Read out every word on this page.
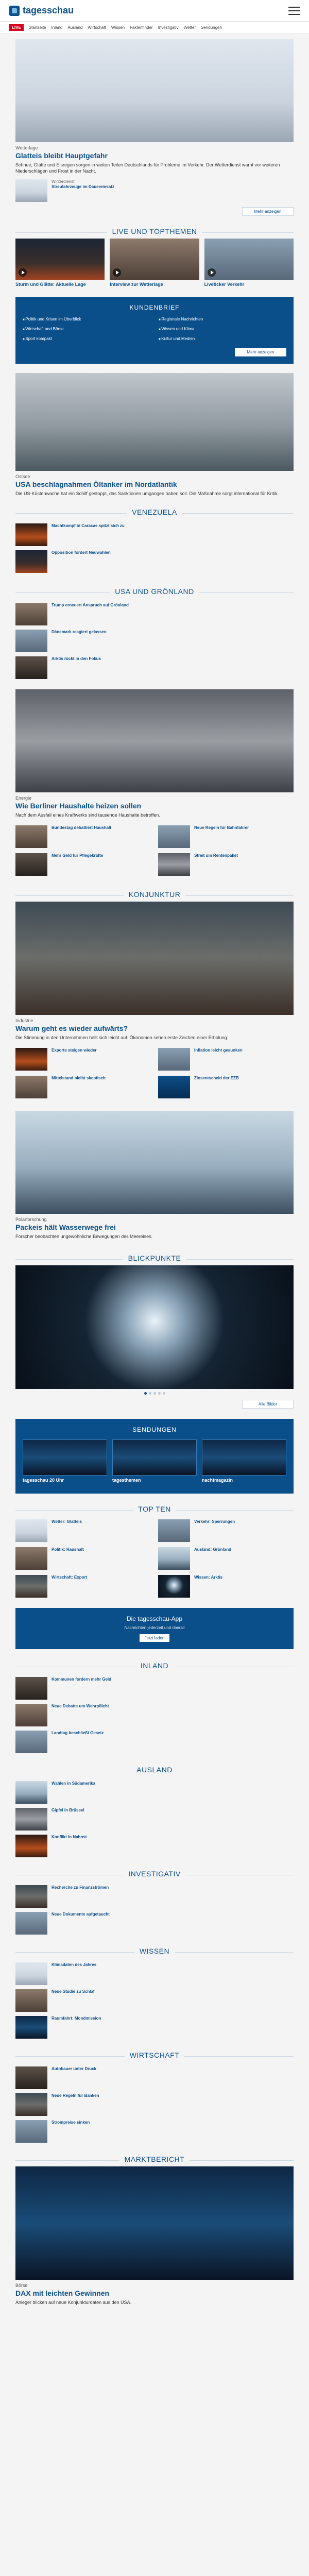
tagesschau
LIVE	Startseite Inland Ausland Wirtschaft Wissen Faktenfinder Investigativ Wetter Sendungen
Wetterlage
Glatteis bleibt Hauptgefahr
Schnee, Glätte und Eisregen sorgen in weiten Teilen Deutschlands für Probleme im Verkehr. Der Wetterdienst warnt vor weiteren Niederschlägen und Frost in der Nacht.
Winterdienst
Streufahrzeuge im Dauereinsatz
Mehr anzeigen
LIVE UND TOPTHEMEN
Sturm und Glätte: Aktuelle Lage	Interview zur Wetterlage	Liveticker Verkehr
KUNDENBRIEF
■ Politik und Krisen im Überblick	■ Regionale Nachrichten
■ Wirtschaft und Börse	■ Wissen und Klima
■ Sport kompakt	■ Kultur und Medien
Mehr anzeigen
Ostsee
USA beschlagnahmen Öltanker im Nordatlantik
Die US-Küstenwache hat ein Schiff gestoppt, das Sanktionen umgangen haben soll. Die Maßnahme sorgt international für Kritik.
VENEZUELA
Machtkampf in Caracas spitzt sich zu
Opposition fordert Neuwahlen
USA UND GRÖNLAND
Trump erneuert Anspruch auf Grönland
Dänemark reagiert gelassen
Arktis rückt in den Fokus
Energie
Wie Berliner Haushalte heizen sollen
Nach dem Ausfall eines Kraftwerks sind tausende Haushalte betroffen.
Bundestag debattiert Haushalt	Neue Regeln für Bahnfahrer
Mehr Geld für Pflegekräfte	Streit um Rentenpaket
KONJUNKTUR
Industrie
Warum geht es wieder aufwärts?
Die Stimmung in den Unternehmen hellt sich leicht auf. Ökonomen sehen erste Zeichen einer Erholung.
Exporte steigen wieder	Inflation leicht gesunken
Mittelstand bleibt skeptisch	Zinsentscheid der EZB
Polarforschung
Packeis hält Wasserwege frei
Forscher beobachten ungewöhnliche Bewegungen des Meereises.
BLICKPUNKTE
Alle Bilder
SENDUNGEN
tagesschau 20 Uhr	tagesthemen	nachtmagazin
TOP TEN
Wetter: Glatteis	Verkehr: Sperrungen
Politik: Haushalt	Ausland: Grönland
Wirtschaft: Export	Wissen: Arktis
Die tagesschau-App
Nachrichten jederzeit und überall
Jetzt laden
INLAND
Kommunen fordern mehr Geld
Neue Debatte um Wehrpflicht
Landtag beschließt Gesetz
AUSLAND
Wahlen in Südamerika
Gipfel in Brüssel
Konflikt in Nahost
INVESTIGATIV
Recherche zu Finanzströmen
Neue Dokumente aufgetaucht
WISSEN
Klimadaten des Jahres
Neue Studie zu Schlaf
Raumfahrt: Mondmission
WIRTSCHAFT
Autobauer unter Druck
Neue Regeln für Banken
Strompreise sinken
MARKTBERICHT
Börse
DAX mit leichten Gewinnen
Anleger blicken auf neue Konjunkturdaten aus den USA.
